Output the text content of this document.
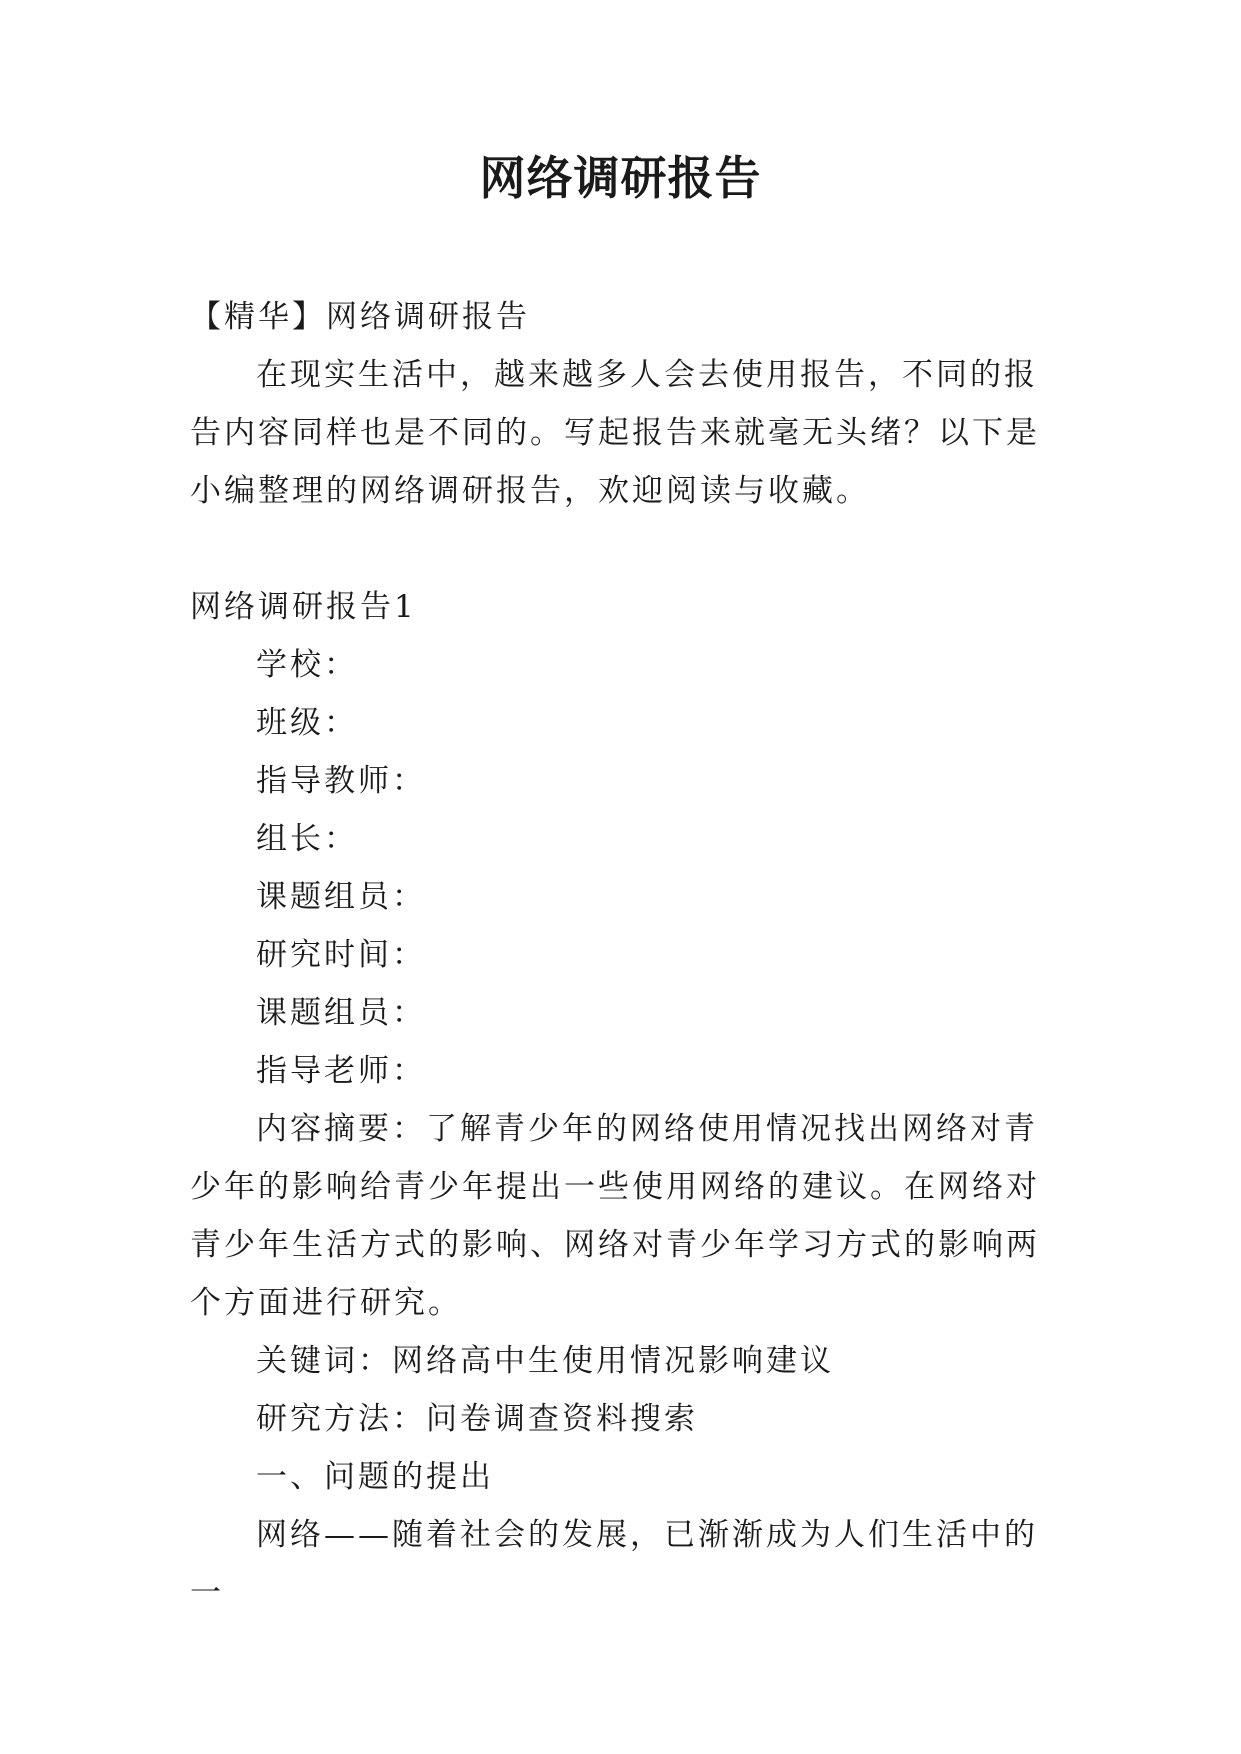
网络调研报告

【精华】网络调研报告

在现实生活中，越来越多人会去使用报告，不同的报告内容同样也是不同的。写起报告来就毫无头绪？以下是小编整理的网络调研报告，欢迎阅读与收藏。

网络调研报告1

学校：

班级：

指导教师：

组长：

课题组员：

研究时间：

课题组员：

指导老师：

内容摘要：了解青少年的网络使用情况找出网络对青少年的影响给青少年提出一些使用网络的建议。在网络对青少年生活方式的影响、网络对青少年学习方式的影响两个方面进行研究。

关键词：网络高中生使用情况影响建议

研究方法：问卷调查资料搜索

一、问题的提出

网络——随着社会的发展，已渐渐成为人们生活中的一
